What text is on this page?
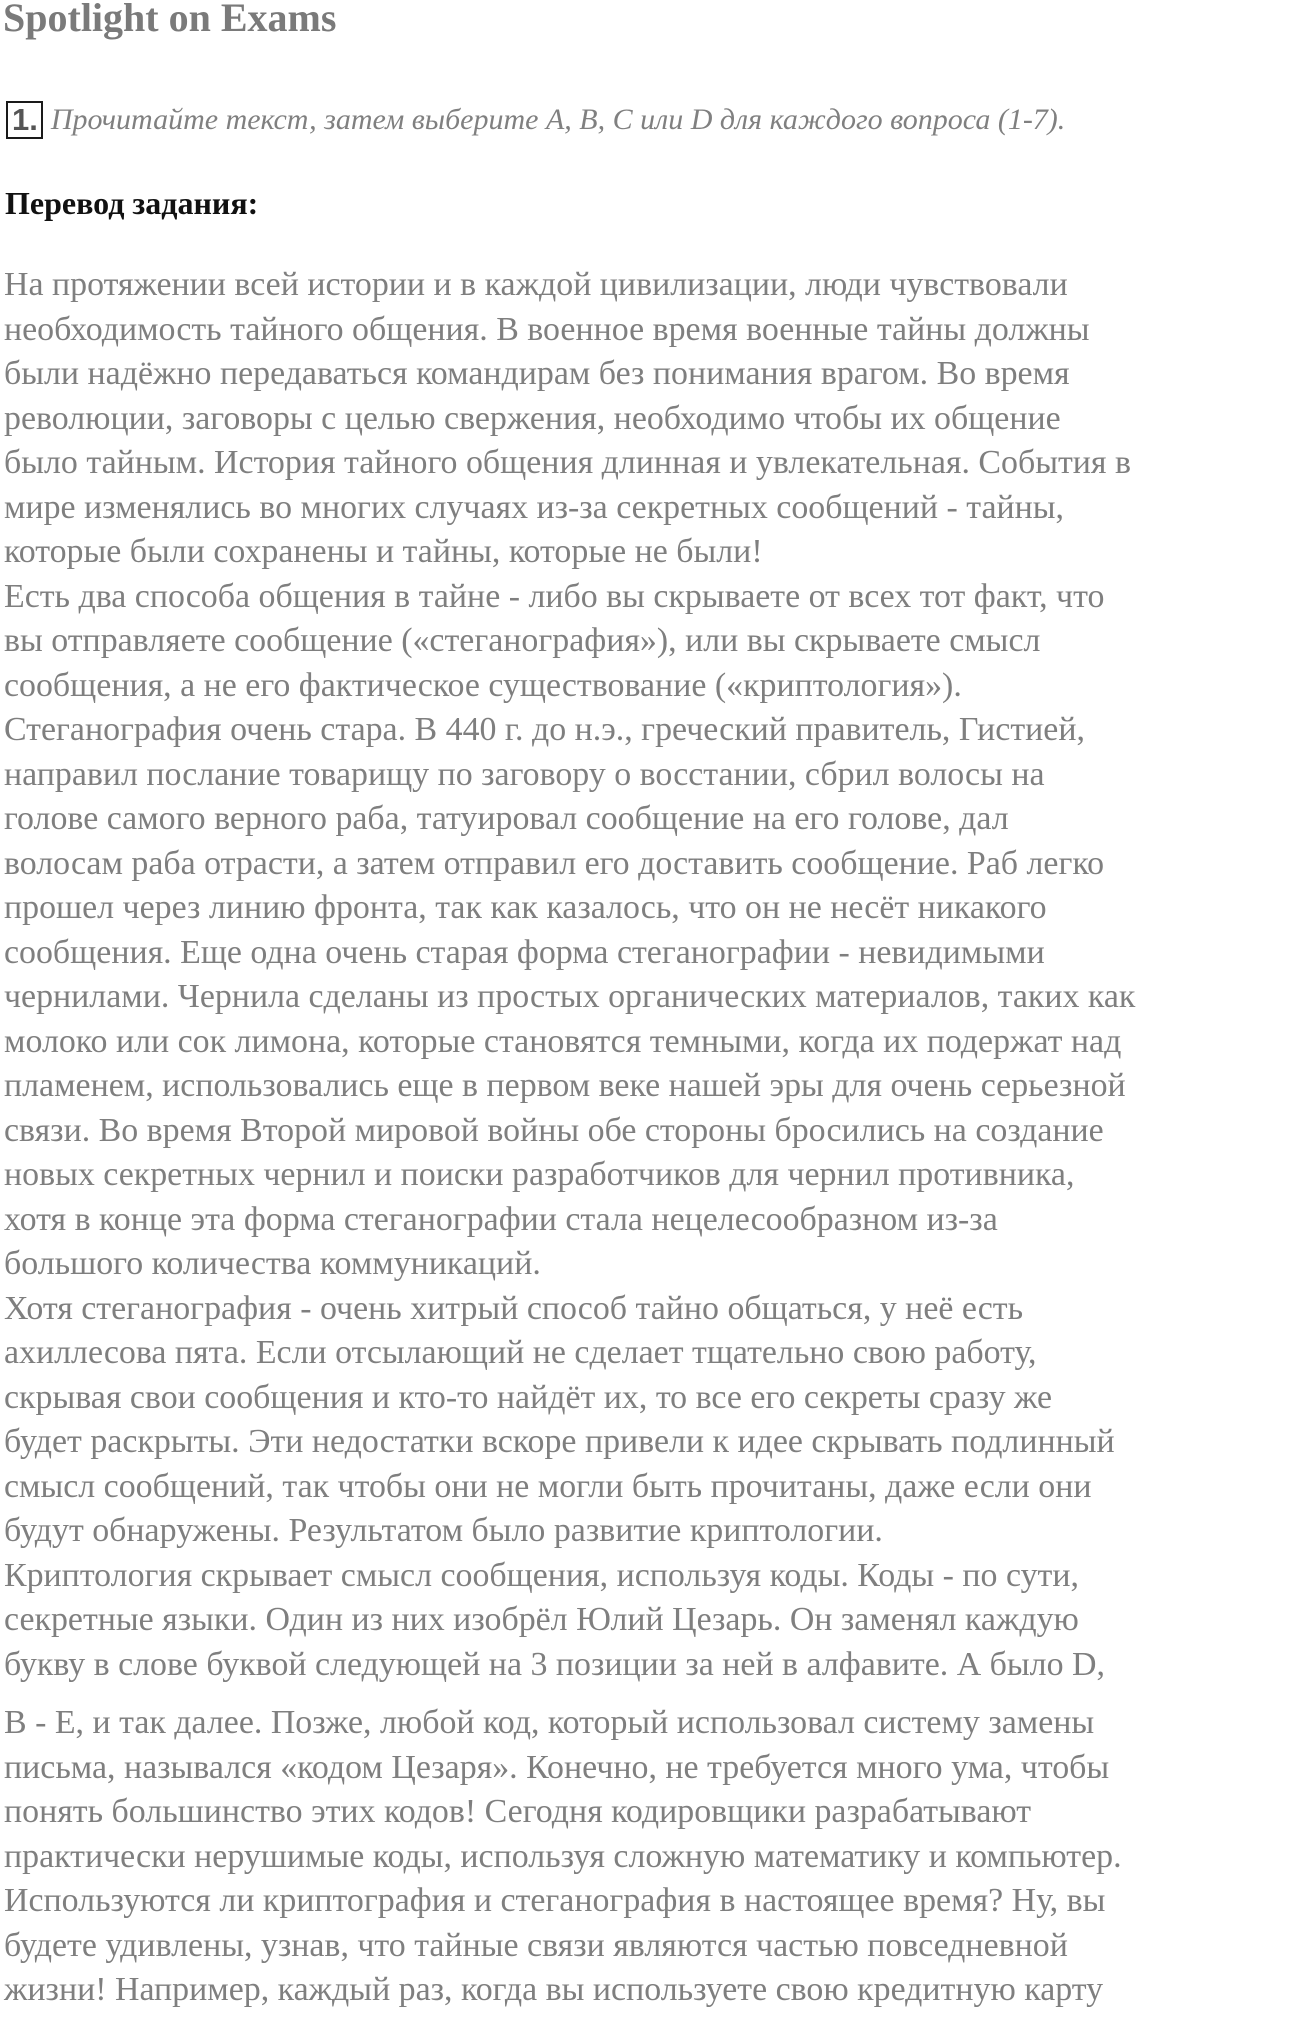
Spotlight on Exams
1. Прочитайте текст, затем выберите A, B, C или D для каждого вопроса (1-7).
Перевод задания:
На протяжении всей истории и в каждой цивилизации, люди чувствовали
необходимость тайного общения. В военное время военные тайны должны
были надёжно передаваться командирам без понимания врагом. Во время
революции, заговоры с целью свержения, необходимо чтобы их общение
было тайным. История тайного общения длинная и увлекательная. События в
мире изменялись во многих случаях из-за секретных сообщений - тайны,
которые были сохранены и тайны, которые не были!
Есть два способа общения в тайне - либо вы скрываете от всех тот факт, что
вы отправляете сообщение («стеганография»), или вы скрываете смысл
сообщения, а не его фактическое существование («криптология»).
Стеганография очень стара. В 440 г. до н.э., греческий правитель, Гистией,
направил послание товарищу по заговору о восстании, сбрил волосы на
голове самого верного раба, татуировал сообщение на его голове, дал
волосам раба отрасти, а затем отправил его доставить сообщение. Раб легко
прошел через линию фронта, так как казалось, что он не несёт никакого
сообщения. Еще одна очень старая форма стеганографии - невидимыми
чернилами. Чернила сделаны из простых органических материалов, таких как
молоко или сок лимона, которые становятся темными, когда их подержат над
пламенем, использовались еще в первом веке нашей эры для очень серьезной
связи. Во время Второй мировой войны обе стороны бросились на создание
новых секретных чернил и поиски разработчиков для чернил противника,
хотя в конце эта форма стеганографии стала нецелесообразном из-за
большого количества коммуникаций.
Хотя стеганография - очень хитрый способ тайно общаться, у неё есть
ахиллесова пята. Если отсылающий не сделает тщательно свою работу,
скрывая свои сообщения и кто-то найдёт их, то все его секреты сразу же
будет раскрыты. Эти недостатки вскоре привели к идее скрывать подлинный
смысл сообщений, так чтобы они не могли быть прочитаны, даже если они
будут обнаружены. Результатом было развитие криптологии.
Криптология скрывает смысл сообщения, используя коды. Коды - по сути,
секретные языки. Один из них изобрёл Юлий Цезарь. Он заменял каждую
букву в слове буквой следующей на 3 позиции за ней в алфавите. А было D,
В - Е, и так далее. Позже, любой код, который использовал систему замены
письма, назывался «кодом Цезаря». Конечно, не требуется много ума, чтобы
понять большинство этих кодов! Сегодня кодировщики разрабатывают
практически нерушимые коды, используя сложную математику и компьютер.
Используются ли криптография и стеганография в настоящее время? Ну, вы
будете удивлены, узнав, что тайные связи являются частью повседневной
жизни! Например, каждый раз, когда вы используете свою кредитную карту
